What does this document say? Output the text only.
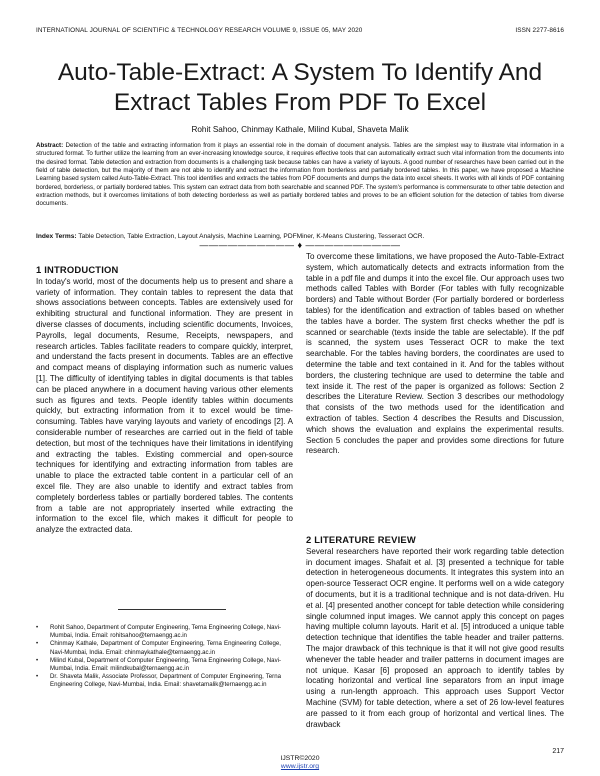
INTERNATIONAL JOURNAL OF SCIENTIFIC & TECHNOLOGY RESEARCH VOLUME 9, ISSUE 05, MAY 2020	ISSN 2277-8616
Auto-Table-Extract: A System To Identify And
Extract Tables From PDF To Excel
Rohit Sahoo, Chinmay Kathale, Milind Kubal, Shaveta Malik
Abstract: Detection of the table and extracting information from it plays an essential role in the domain of document analysis. Tables are the simplest way to illustrate vital information in a structured format. To further utilize the learning from an ever-increasing knowledge source, it requires effective tools that can automatically extract such vital information from the documents into the desired format. Table detection and extraction from documents is a challenging task because tables can have a variety of layouts. A good number of researches have been carried out in the field of table detection, but the majority of them are not able to identify and extract the information from borderless and partially bordered tables. In this paper, we have proposed a Machine Learning based system called Auto-Table-Extract. This tool identifies and extracts the tables from PDF documents and dumps the data into excel sheets. It works with all kinds of PDF containing bordered, borderless, or partially bordered tables. This system can extract data from both searchable and scanned PDF. The system's performance is commensurate to other table detection and extraction methods, but it overcomes limitations of both detecting borderless as well as partially bordered tables and proves to be an efficient solution for the detection of tables from diverse documents.
Index Terms: Table Detection, Table Extraction, Layout Analysis, Machine Learning, PDFMiner, K-Means Clustering, Tesseract OCR.
—————————— ♦ ——————————
1 INTRODUCTION

In today's world, most of the documents help us to present and share a variety of information. They contain tables to represent the data that shows associations between concepts. Tables are extensively used for exhibiting structural and functional information. They are present in diverse classes of documents, including scientific documents, Invoices, Payrolls, legal documents, Resume, Receipts, newspapers, and research articles. Tables facilitate readers to compare quickly, interpret, and understand the facts present in documents. Tables are an effective and compact means of displaying information such as numeric values [1]. The difficulty of identifying tables in digital documents is that tables can be placed anywhere in a document having various other elements such as figures and texts. People identify tables within documents quickly, but extracting information from it to excel would be time-consuming. Tables have varying layouts and variety of encodings [2]. A considerable number of researches are carried out in the field of table detection, but most of the techniques have their limitations in identifying and extracting the tables. Existing commercial and open-source techniques for identifying and extracting information from tables are unable to place the extracted table content in a particular cell of an excel file. They are also unable to identify and extract tables from completely borderless tables or partially bordered tables. The contents from a table are not appropriately inserted while extracting the information to the excel file, which makes it difficult for people to analyze the extracted data.

To overcome these limitations, we have proposed the Auto-Table-Extract system, which automatically detects and extracts information from the table in a pdf file and dumps it into the excel file. Our approach uses two methods called Tables with Border (For tables with fully recognizable borders) and Table without Border (For partially bordered or borderless tables) for the identification and extraction of tables based on whether the tables have a border. The system first checks whether the pdf is scanned or searchable (texts inside the table are selectable). If the pdf is scanned, the system uses Tesseract OCR to make the text searchable. For the tables having borders, the coordinates are used to determine the table and text contained in it. And for the tables without borders, the clustering technique are used to determine the table and text inside it. The rest of the paper is organized as follows: Section 2 describes the Literature Review. Section 3 describes our methodology that consists of the two methods used for the identification and extraction of tables. Section 4 describes the Results and Discussion, which shows the evaluation and explains the experimental results. Section 5 concludes the paper and provides some directions for future research.

2 LITERATURE REVIEW

Several researchers have reported their work regarding table detection in document images. Shafait et al. [3] presented a technique for table detection in heterogeneous documents. It integrates this system into an open-source Tesseract OCR engine. It performs well on a wide category of documents, but it is a traditional technique and is not data-driven. Hu et al. [4] presented another concept for table detection while considering single columned input images. We cannot apply this concept on pages having multiple column layouts. Harit et al. [5] introduced a unique table detection technique that identifies the table header and trailer patterns. The major drawback of this technique is that it will not give good results whenever the table header and trailer patterns in document images are not unique. Kasar [6] proposed an approach to identify tables by locating horizontal and vertical line separators from an input image using a run-length approach. This approach uses Support Vector Machine (SVM) for table detection, where a set of 26 low-level features are passed to it from each group of horizontal and vertical lines. The drawback

•	Rohit Sahoo, Department of Computer Engineering, Terna Engineering College, Navi-Mumbai, India. Email: rohitsahoo@ternaengg.ac.in
•	Chinmay Kathale, Department of Computer Engineering, Terna Engineering College, Navi-Mumbai, India. Email: chinmaykathale@ternaengg.ac.in
•	Milind Kubal, Department of Computer Engineering, Terna Engineering College, Navi-Mumbai, India. Email: milindkubal@ternaengg.ac.in
•	Dr. Shaveta Malik, Associate Professor, Department of Computer Engineering, Terna Engineering College, Navi-Mumbai, India. Email: shavetamalik@ternaengg.ac.in
217
IJSTR©2020
www.ijstr.org
